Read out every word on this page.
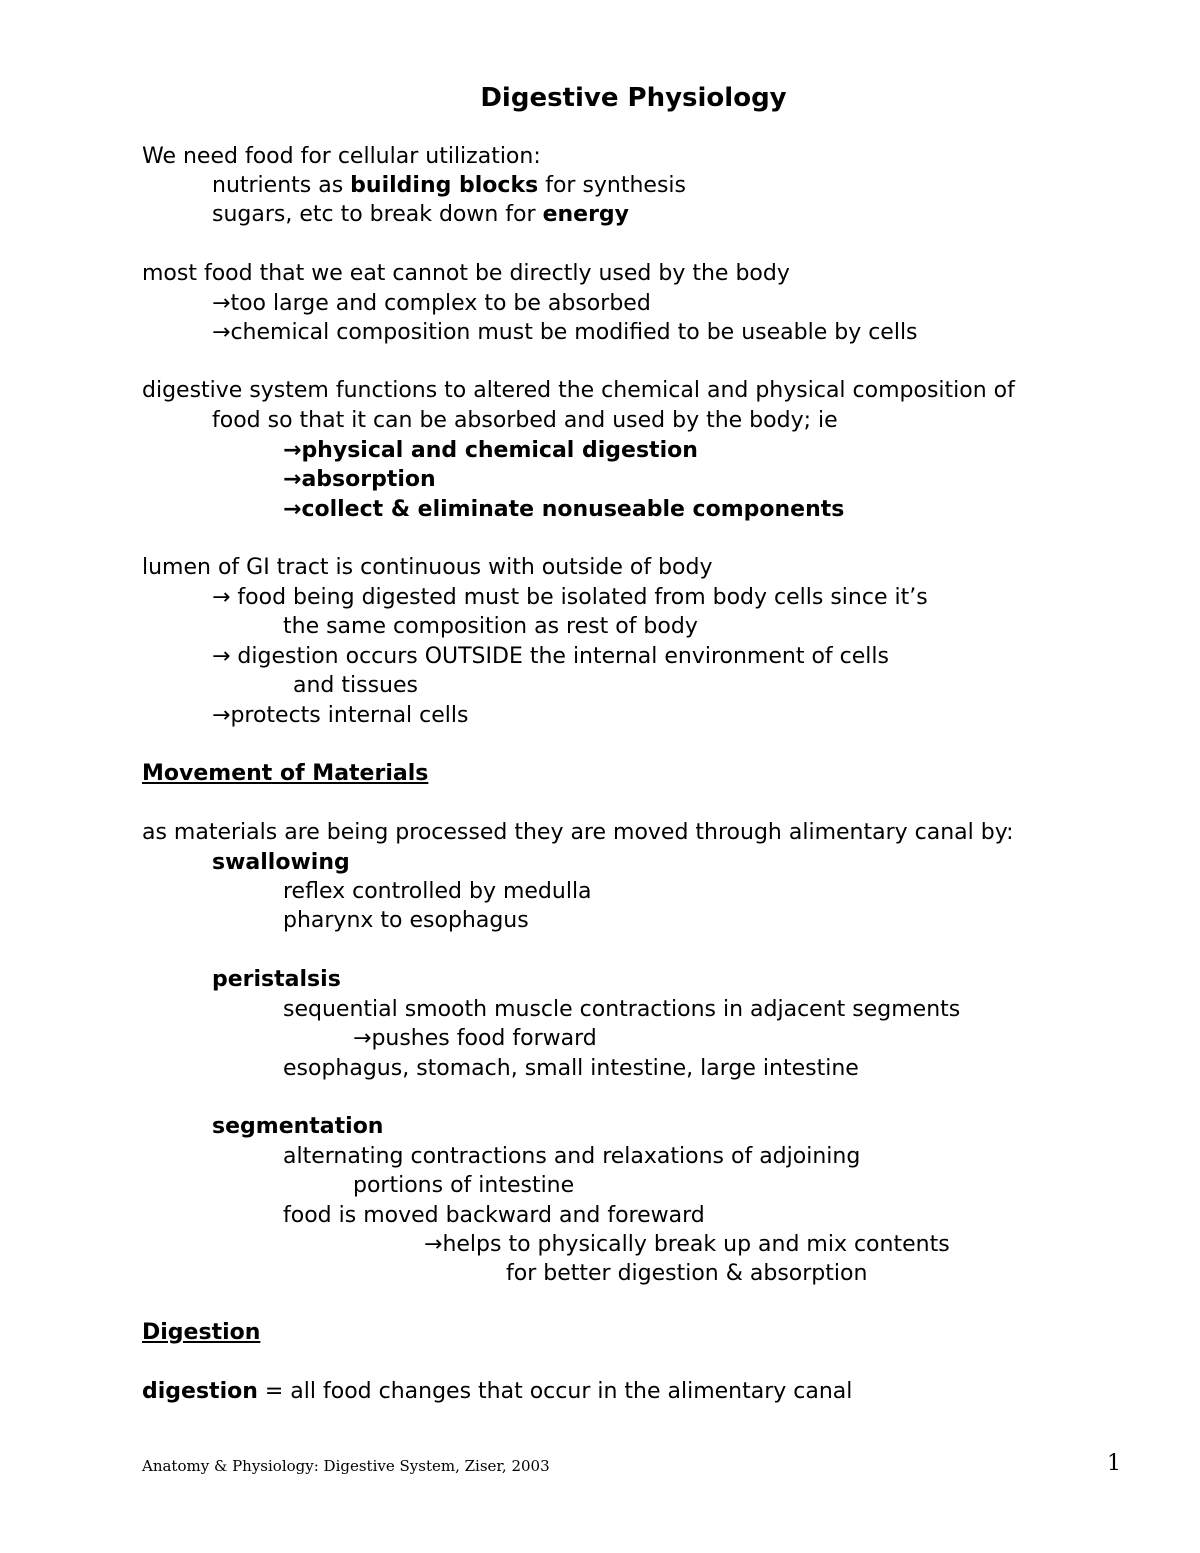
Digestive Physiology
We need food for cellular utilization:
nutrients as building blocks for synthesis
sugars, etc to break down for energy
most food that we eat cannot be directly used by the body
→too large and complex to be absorbed
→chemical composition must be modified to be useable by cells
digestive system functions to altered the chemical and physical composition of
food so that it can be absorbed and used by the body; ie
→physical and chemical digestion
→absorption
→collect & eliminate nonuseable components
lumen of GI tract is continuous with outside of body
→ food being digested must be isolated from body cells since it’s
the same composition as rest of body
→ digestion occurs OUTSIDE the internal environment of cells
and tissues
→protects internal cells
Movement of Materials
as materials are being processed they are moved through alimentary canal by:
swallowing
reflex controlled by medulla
pharynx to esophagus
peristalsis
sequential smooth muscle contractions in adjacent segments
→pushes food forward
esophagus, stomach, small intestine, large intestine
segmentation
alternating contractions and relaxations of adjoining
portions of intestine
food is moved backward and foreward
→helps to physically break up and mix contents
for better digestion & absorption
Digestion
digestion = all food changes that occur in the alimentary canal
Anatomy & Physiology: Digestive System, Ziser, 2003	1
